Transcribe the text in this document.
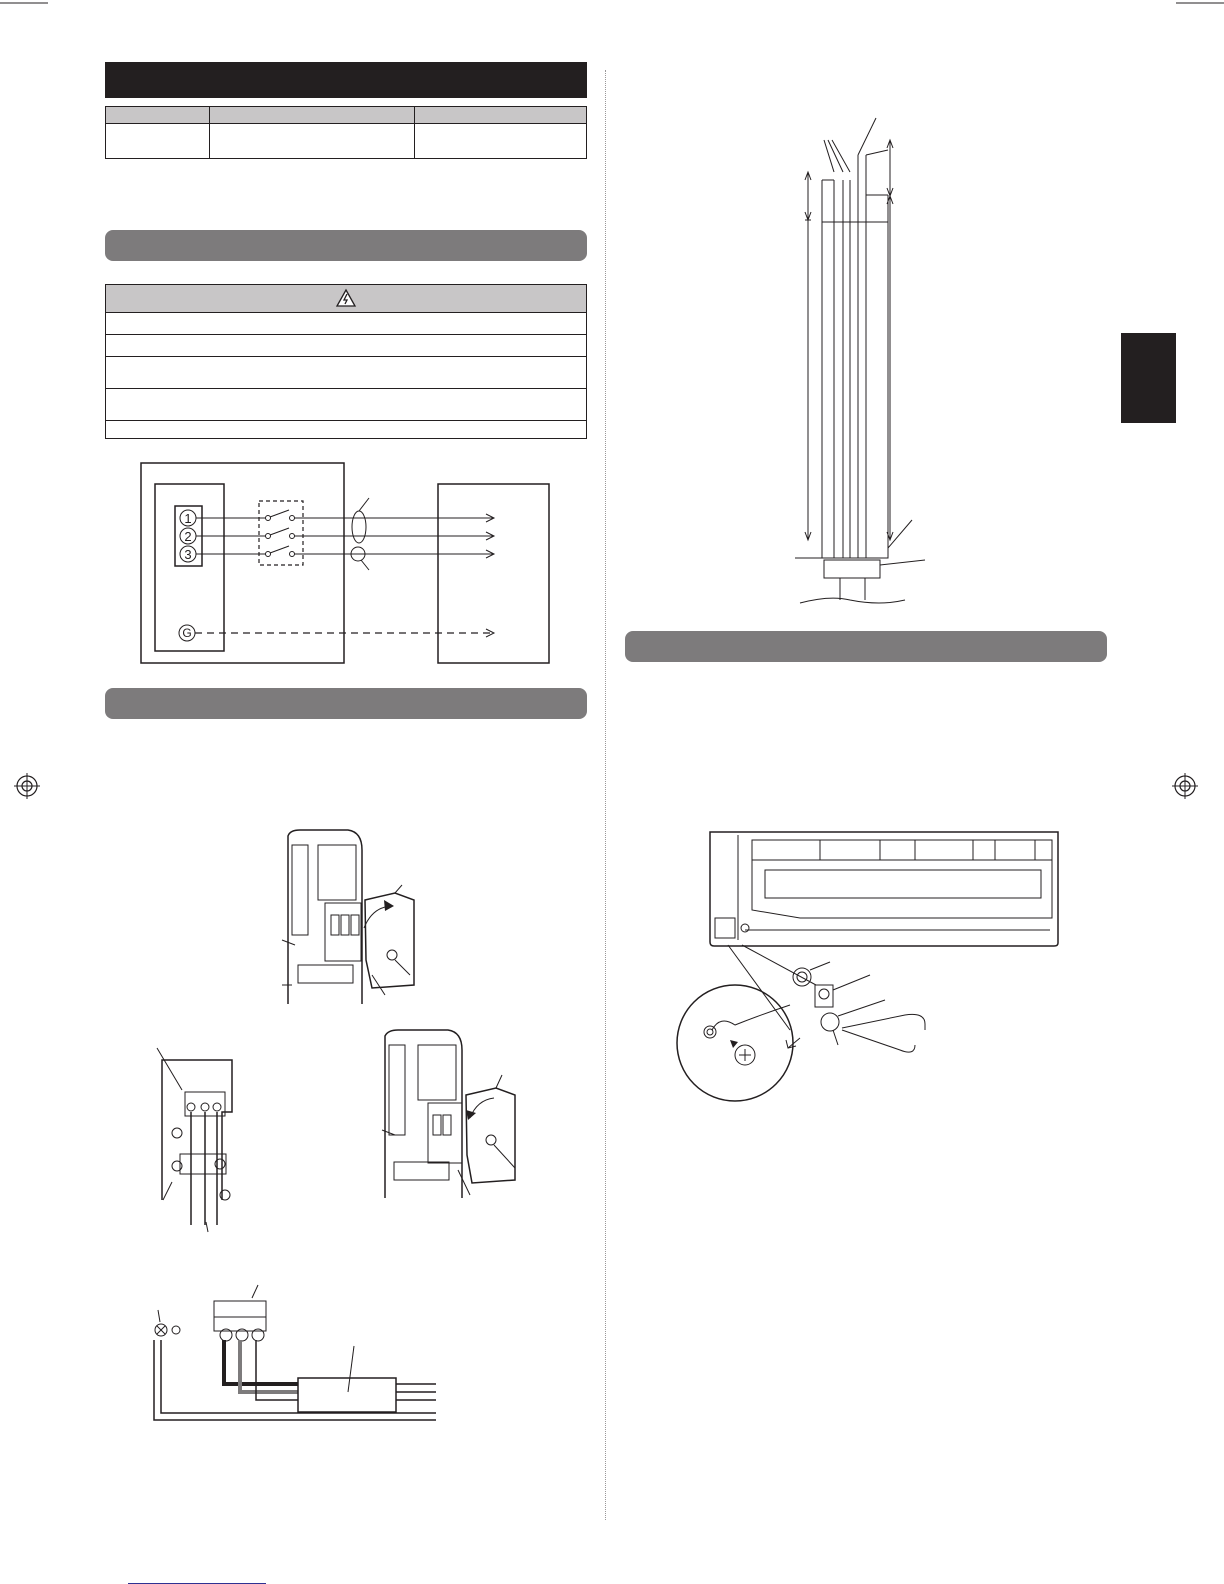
1
2
3
G
